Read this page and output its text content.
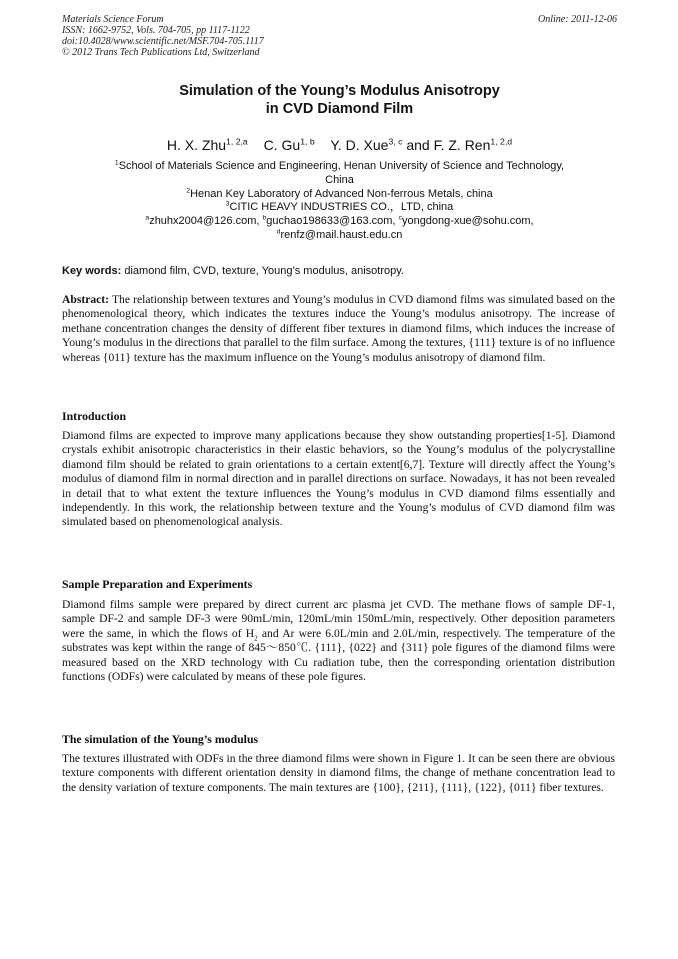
Materials Science Forum
ISSN: 1662-9752, Vols. 704-705, pp 1117-1122
doi:10.4028/www.scientific.net/MSF.704-705.1117
© 2012 Trans Tech Publications Ltd, Switzerland
Online: 2011-12-06
Simulation of the Young’s Modulus Anisotropy
in CVD Diamond Film
H. X. Zhu$^{1, 2,a}$ C. Gu$^{1, b}$ Y. D. Xue$^{3, c}$ and F. Z. Ren$^{1, 2,d}$
$^1$School of Materials Science and Engineering, Henan University of Science and Technology,
China
$^2$Henan Key Laboratory of Advanced Non-ferrous Metals, china
$^3$CITIC HEAVY INDUSTRIES CO.，LTD, china
$^a$zhuhx2004@126.com, $^b$guchao198633@163.com, $^c$yongdong-xue@sohu.com,
$^d$renfz@mail.haust.edu.cn
Key words: diamond film, CVD, texture, Young’s modulus, anisotropy.
Abstract: The relationship between textures and Young’s modulus in CVD diamond films was simulated based on the phenomenological theory, which indicates the textures induce the Young’s modulus anisotropy. The increase of methane concentration changes the density of different fiber textures in diamond films, which induces the increase of Young’s modulus in the directions that parallel to the film surface. Among the textures, {111} texture is of no influence whereas {011} texture has the maximum influence on the Young’s modulus anisotropy of diamond film.
Introduction
Diamond films are expected to improve many applications because they show outstanding properties[1-5]. Diamond crystals exhibit anisotropic characteristics in their elastic behaviors, so the Young’s modulus of the polycrystalline diamond film should be related to grain orientations to a certain extent[6,7]. Texture will directly affect the Young’s modulus of diamond film in normal direction and in parallel directions on surface. Nowadays, it has not been revealed in detail that to what extent the texture influences the Young’s modulus in CVD diamond films essentially and independently. In this work, the relationship between texture and the Young’s modulus of CVD diamond film was simulated based on phenomenological analysis.
Sample Preparation and Experiments
Diamond films sample were prepared by direct current arc plasma jet CVD. The methane flows of sample DF-1, sample DF-2 and sample DF-3 were 90mL/min, 120mL/min 150mL/min, respectively. Other deposition parameters were the same, in which the flows of $H_2$ and Ar were 6.0L/min and 2.0L/min, respectively. The temperature of the substrates was kept within the range of 845～850℃. {111}, {022} and {311} pole figures of the diamond films were measured based on the XRD technology with Cu radiation tube, then the corresponding orientation distribution functions (ODFs) were calculated by means of these pole figures.
The simulation of the Young’s modulus
The textures illustrated with ODFs in the three diamond films were shown in Figure 1. It can be seen there are obvious texture components with different orientation density in diamond films, the change of methane concentration lead to the density variation of texture components. The main textures are {100}, {211}, {111}, {122}, {011} fiber textures.
